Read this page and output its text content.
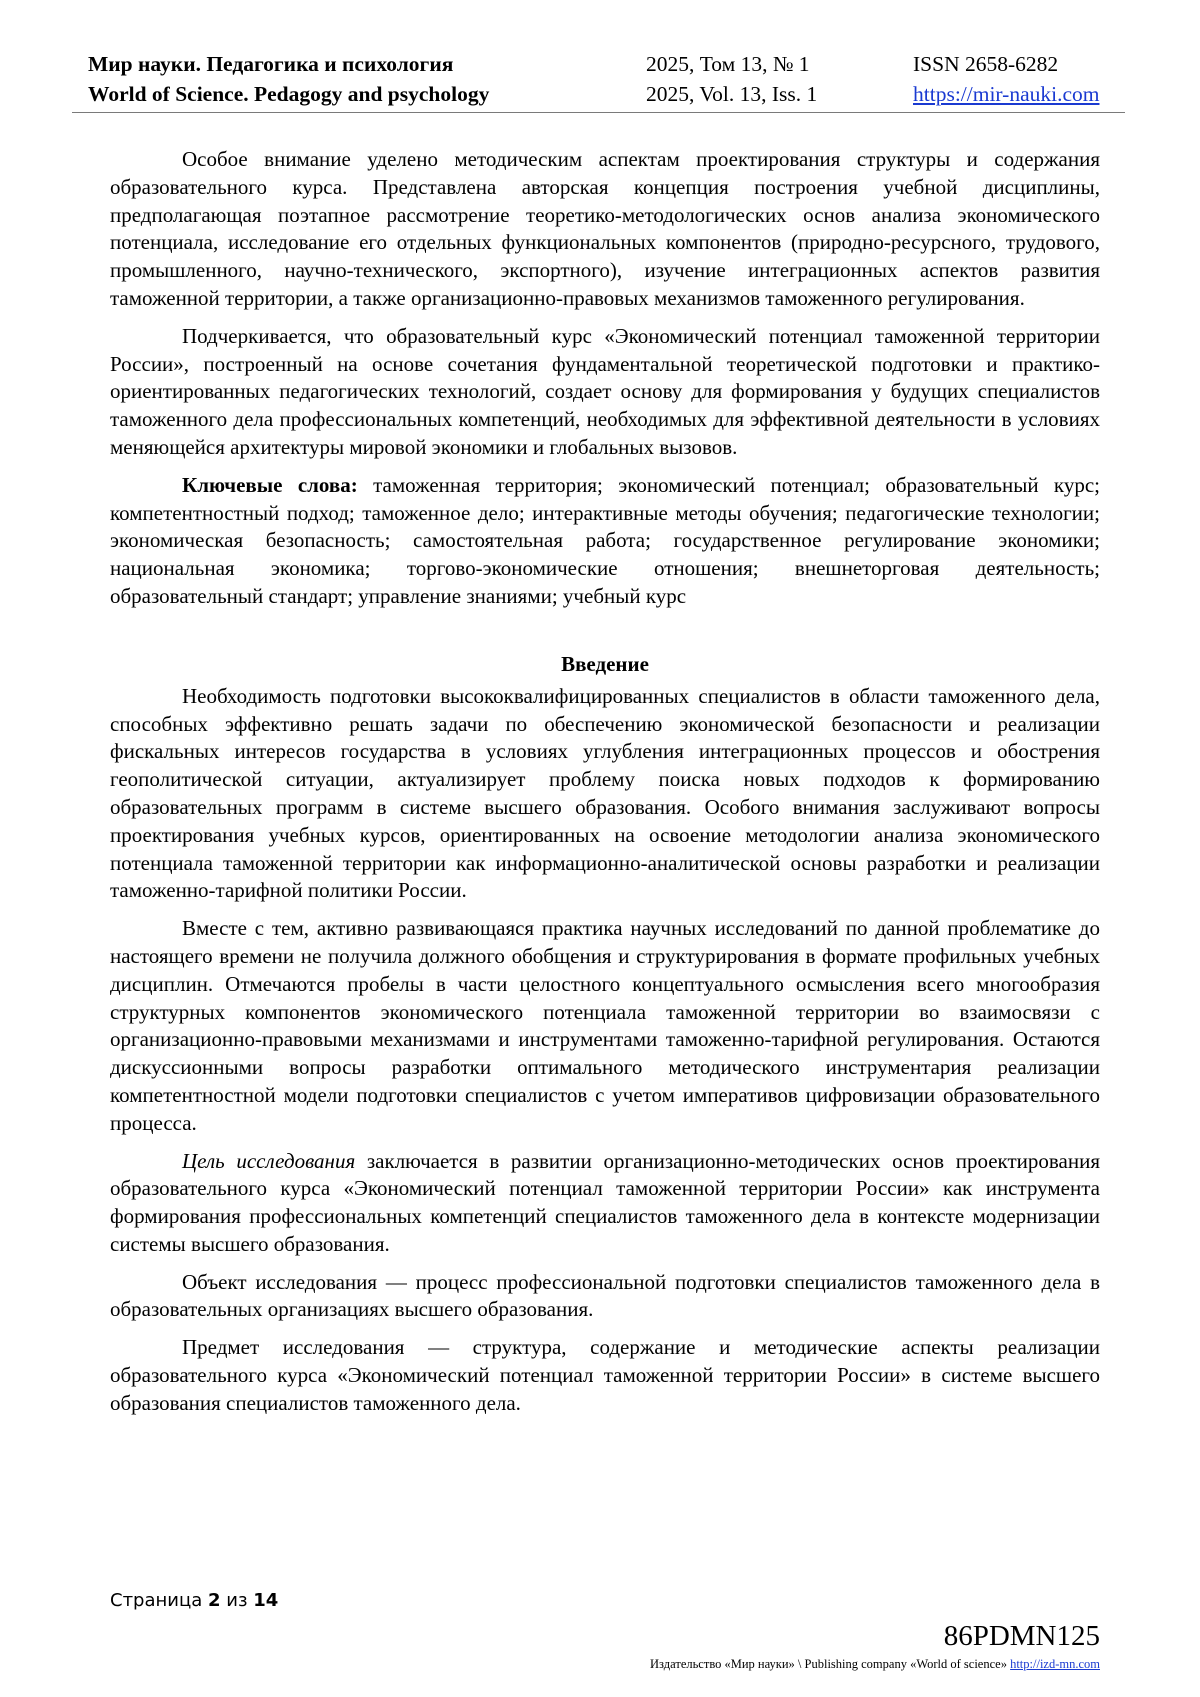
Мир науки. Педагогика и психология	2025, Том 13, № 1	ISSN 2658-6282
World of Science. Pedagogy and psychology	2025, Vol. 13, Iss. 1	https://mir-nauki.com

Особое внимание уделено методическим аспектам проектирования структуры и содержания образовательного курса. Представлена авторская концепция построения учебной дисциплины, предполагающая поэтапное рассмотрение теоретико-методологических основ анализа экономического потенциала, исследование его отдельных функциональных компонентов (природно-ресурсного, трудового, промышленного, научно-технического, экспортного), изучение интеграционных аспектов развития таможенной территории, а также организационно-правовых механизмов таможенного регулирования.

Подчеркивается, что образовательный курс «Экономический потенциал таможенной территории России», построенный на основе сочетания фундаментальной теоретической подготовки и практико-ориентированных педагогических технологий, создает основу для формирования у будущих специалистов таможенного дела профессиональных компетенций, необходимых для эффективной деятельности в условиях меняющейся архитектуры мировой экономики и глобальных вызовов.

Ключевые слова: таможенная территория; экономический потенциал; образовательный курс; компетентностный подход; таможенное дело; интерактивные методы обучения; педагогические технологии; экономическая безопасность; самостоятельная работа; государственное регулирование экономики; национальная экономика; торгово-экономические отношения; внешнеторговая деятельность; образовательный стандарт; управление знаниями; учебный курс

Введение

Необходимость подготовки высококвалифицированных специалистов в области таможенного дела, способных эффективно решать задачи по обеспечению экономической безопасности и реализации фискальных интересов государства в условиях углубления интеграционных процессов и обострения геополитической ситуации, актуализирует проблему поиска новых подходов к формированию образовательных программ в системе высшего образования. Особого внимания заслуживают вопросы проектирования учебных курсов, ориентированных на освоение методологии анализа экономического потенциала таможенной территории как информационно-аналитической основы разработки и реализации таможенно-тарифной политики России.

Вместе с тем, активно развивающаяся практика научных исследований по данной проблематике до настоящего времени не получила должного обобщения и структурирования в формате профильных учебных дисциплин. Отмечаются пробелы в части целостного концептуального осмысления всего многообразия структурных компонентов экономического потенциала таможенной территории во взаимосвязи с организационно-правовыми механизмами и инструментами таможенно-тарифной регулирования. Остаются дискуссионными вопросы разработки оптимального методического инструментария реализации компетентностной модели подготовки специалистов с учетом императивов цифровизации образовательного процесса.

Цель исследования заключается в развитии организационно-методических основ проектирования образовательного курса «Экономический потенциал таможенной территории России» как инструмента формирования профессиональных компетенций специалистов таможенного дела в контексте модернизации системы высшего образования.

Объект исследования — процесс профессиональной подготовки специалистов таможенного дела в образовательных организациях высшего образования.

Предмет исследования — структура, содержание и методические аспекты реализации образовательного курса «Экономический потенциал таможенной территории России» в системе высшего образования специалистов таможенного дела.

Страница 2 из 14
86PDMN125
Издательство «Мир науки» \ Publishing company «World of science» http://izd-mn.com
